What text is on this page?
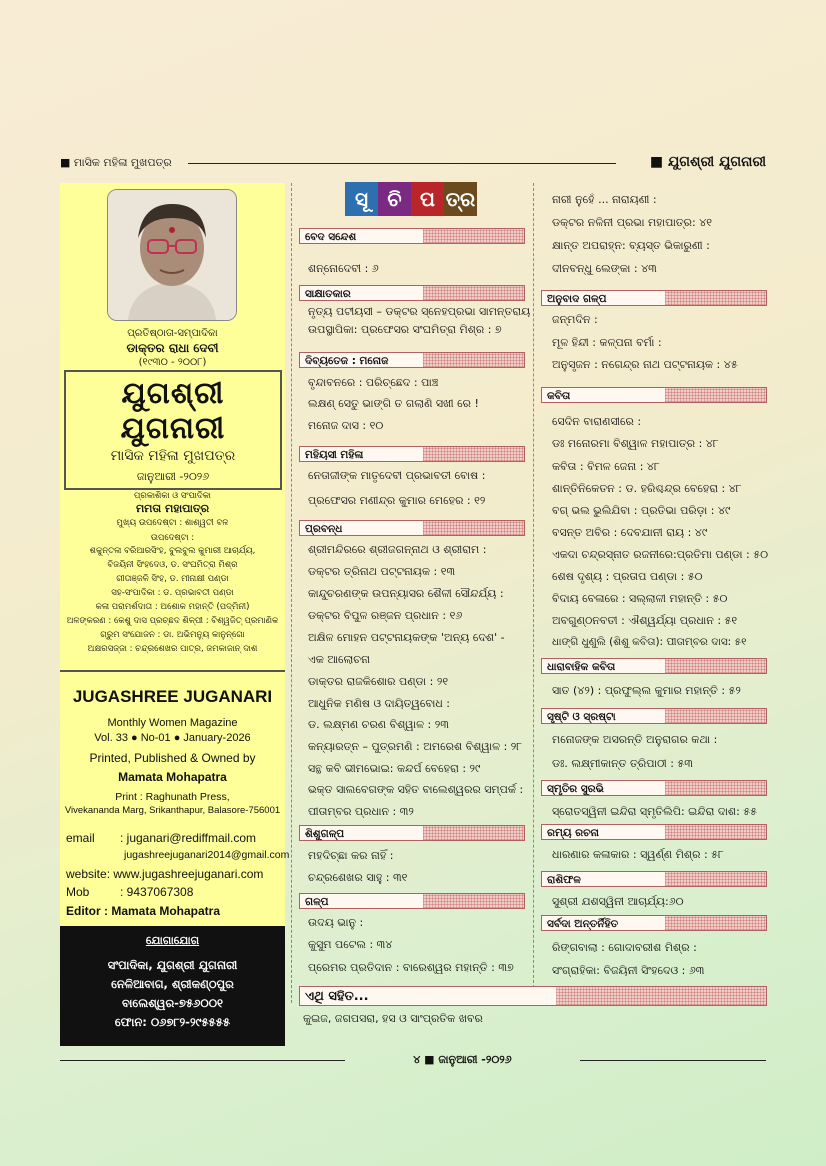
■ ମାସିକ ମହିଳା ମୁଖପତ୍ର	■ ଯୁଗଶ୍ରୀ ଯୁଗନାରୀ
ପ୍ରତିଷ୍ଠାତା-ସମ୍ପାଦିକା
ଡାକ୍ତର ରାଧା ଦେବୀ
(୧୯୩୦ - ୨୦୦୮)
ଯୁଗଶ୍ରୀ ଯୁଗନାରୀ
ମାସିକ ମହିଳା ମୁଖପତ୍ର
ଜାନୁଆରୀ -୨୦୨୬
ପ୍ରକାଶିକା ଓ ସଂପାଦିକା
ମମତା ମହାପାତ୍ର
ମୁଖ୍ୟ ଉପଦେଷ୍ଟା : ଶାଶ୍ୱତୀ ବଳ
ଉପଦେଷ୍ଟା :
ଶକୁନ୍ତଳା ବରିଆରସିଂହ, ବୁଲବୁଲ କୁମାରୀ ଆଚାର୍ଯ୍ୟ,
ବିଜୟିନୀ ସିଂହଦେଓ, ଡ. ସଂଘମିତ୍ରା ମିଶ୍ର
ଗୀତାଞ୍ଜଳି ସିଂହ, ଡ. ମୀନାକ୍ଷୀ ପଣ୍ଡା
ସହ-ସଂପାଦିକା : ଡ. ପ୍ରଭାବତୀ ପଣ୍ଡା
କଳା ପରାମର୍ଶଦାତା : ଅଶୋକ ମହାନ୍ତି (ପଦ୍ମିନୀ)
ଅଳଙ୍କରଣ : କେଶୁ ଦାସ ପ୍ରଚ୍ଛଦ ଶିଳ୍ପୀ : ବିଶ୍ୱଜିତ୍ ପ୍ରମାଣିକ
ଗ୍ରୁମ ସଂଯୋଜନ : ଡା. ଅଭିମନ୍ୟୁ କାନୁନ୍‌ଗୋ
ଅକ୍ଷରସଜ୍ଜା : ଚନ୍ଦ୍ରଶେଖର ପାତ୍ର, ଜମକାଜାନ୍ ଦାଶ
JUGASHREE JUGANARI
Monthly Women Magazine
Vol. 33 ● No-01 ● January-2026
Printed, Published & Owned by
Mamata Mohapatra
Print : Raghunath Press,
Vivekananda Marg, Srikanthapur, Balasore-756001
email : juganari@rediffmail.com
jugashreejuganari2014@gmail.com
website: www.jugashreejuganari.com
Mob	: 9437067308
Editor : Mamata Mohapatra
ଯୋଗାଯୋଗ
ସଂପାଦିକା, ଯୁଗଶ୍ରୀ ଯୁଗନାରୀ
ନେଳିଆବାଗ, ଶ୍ରୀକଣ୍ଠପୁର
ବାଲେଶ୍ୱର-୭୫୬୦୦୧
ଫୋନ: ୦୬୭୮୨-୨୯୫୫୫୫
ସୂ ଚି ପ ତ୍ର
ବେଦ ସନ୍ଦେଶ
ଶନ୍ନୋଦେବୀ : ୬
ସାକ୍ଷାତକାର
ନୃତ୍ୟ ପଟୀୟସୀ – ଡକ୍ଟର ସ୍ନେହପ୍ରଭା ସାମନ୍ତରାୟ
ଉପସ୍ଥାପିକା: ପ୍ରଫେସର ସଂଘମିତ୍ରା ମିଶ୍ର : ୭
ଦିବ୍ୟତେଜ : ମନୋଜ
ବୃନ୍ଦାବନରେ : ପରିଚ୍ଛେଦ : ପାଞ୍ଚ
ଲକ୍ଷଣ୍ ସେତୁ ଭାଙ୍ଗି ତ ଗଲାଣି ସଖୀ ରେ !
ମନୋଜ ଦାସ : ୧୦
ମହିୟସୀ ମହିଳା
ନେତାଜୀଙ୍କ ମାତୃଦେବୀ ପ୍ରଭାବତୀ ବୋଷ :
ପ୍ରଫେସର ମଣୀନ୍ଦ୍ର କୁମାର ମେହେର : ୧୨
ପ୍ରବନ୍ଧ
ଶ୍ରୀମନ୍ଦିରରେ ଶ୍ରୀଜଗନ୍ନାଥ ଓ ଶ୍ରୀରାମ :
ଡକ୍ଟର ତ୍ରିନାଥ ପଟ୍ଟନାୟକ : ୧୩
କାନ୍ଦୁଚରଣଙ୍କ ଉପନ୍ୟାସର ଶୈଳୀ ସୌନ୍ଦର୍ଯ୍ୟ :
ଡକ୍ଟର ବିପୁଳ ରଞ୍ଜନ ପ୍ରଧାନ : ୧୬
ଅକ୍ଷିଳ ମୋହନ ପଟ୍ଟନାୟକଙ୍କ 'ଅନ୍ୟ ଦେଶ' -
ଏକ ଆଲୋଚନା
ଡାକ୍ତର ରାଜକିଶୋର ପଣ୍ଡା : ୨୧
ଆଧୁନିକ ମଣିଷ ଓ ଦାୟିତ୍ୱବୋଧ :
ଡ. ଲକ୍ଷ୍ମଣ ଚରଣ ବିଶ୍ୱାଳ : ୨୩
କନ୍ୟାରତ୍ନ – ପୁତ୍ରମଣି : ଅମରେଶ ବିଶ୍ୱାଳ : ୨୮
ସନ୍ଥ କବି ଭୀମଭୋଇ: କନ୍ଦର୍ପ ବେହେରା : ୨୯
ଭକ୍ତ ସାଲବେଗଙ୍କ ସହିତ ବାଲେଶ୍ୱରର ସମ୍ପର୍କ :
ପୀତାମ୍ବର ପ୍ରଧାନ : ୩୨
ଶିଶୁଗଳ୍ପ
ମହଦିଚ୍ଛା କର ନାହିଁ :
ଚନ୍ଦ୍ରଶେଖର ସାହୁ : ୩୧
ଗଳ୍ପ
ଉଦୟ ଭାନୁ :
କୁସୁମ ପଟେଲ : ୩୪
ପ୍ରେମର ପ୍ରତିଦାନ : ବାରେଶ୍ୱର ମହାନ୍ତି : ୩୭
ଏଥି ସହିତ...
କୁଇଜ, ଜଗପସରା, ହସ ଓ ସାଂପ୍ରତିକ ଖବର
ନାରୀ ନୁହେଁ ... ନାରାୟଣୀ :
ଡକ୍ଟର ନଳିନୀ ପ୍ରଭା ମହାପାତ୍ର: ୪୧
କ୍ଷାନ୍ତ ଅପରାହ୍ନ: ବ୍ୟସ୍ତ ଭିକାରୁଣୀ :
ଦୀନବନ୍ଧୁ ଲେଙ୍କା : ୪୩
ଅନୁବାଦ ଗଳ୍ପ
ଜନ୍ମଦିନ :
ମୂଳ ହିନ୍ଦୀ : କଳ୍ପନା ବର୍ମା :
ଅନୁସୃଜନ : ନଗେନ୍ଦ୍ର ନାଥ ପଟ୍ଟନାୟକ : ୪୫
କବିତା
ସେଦିନ ବାରାଣସୀରେ :
ଡଃ ମନୋରମା ବିଶ୍ୱାଳ ମହାପାତ୍ର : ୪୮
କବିତା : ବିମଳ ଜେନା : ୪୮
ଶାନ୍ତିନିକେତନ : ଡ. ହରିଶ୍ଚନ୍ଦ୍ର ବେହେରା : ୪୮
ବଗ୍ ଭଲ ଭୁଲିଯିବା : ପ୍ରତିଭା ପରିଡ଼ା : ୪୯
ବସନ୍ତ ଅବିର : ଦେବଯାନୀ ରାୟ : ୪୯
ଏକଦା ଚନ୍ଦ୍ରସ୍ନାତ ରଜନୀରେ:ପ୍ରତିମା ପଣ୍ଡା : ୫୦
ଶେଷ ଦୃଶ୍ୟ : ପ୍ରତାପ ପଣ୍ଡା : ୫୦
ବିଦାୟ ବେଳାରେ : ସଲ୍ଲାଳୀ ମହାନ୍ତି : ୫୦
ଅବଗୁଣ୍ଠନବତୀ : ଐଶ୍ୱର୍ଯ୍ୟା ପ୍ରଧାନ : ୫୧
ଧାଙ୍ଗି ଧୁଣୁଲି (ଶିଶୁ କବିତା): ପୀତାମ୍ବର ଦାସ: ୫୧
ଧାରାବାହିକ କବିତା
ସାତ (୪୨) : ପ୍ରଫୁଲ୍ଲ କୁମାର ମହାନ୍ତି : ୫୨
ସୃଷ୍ଟି ଓ ସ୍ରଷ୍ଟା
ମନୋଜଙ୍କ ଅସରନ୍ତି ଅନୁରାଗର କଥା :
ଡଃ. ଲକ୍ଷ୍ମୀକାନ୍ତ ତ୍ରିପାଠୀ : ୫୩
ସ୍ମୃତିର ସୁରଭି
ସ୍ରୋତସ୍ୱିନୀ ଇନ୍ଦିରା ସ୍ମୃତିଲିପି: ଇନ୍ଦିରା ଦାଶ: ୫୫
ରମ୍ୟ ରଚନା
ଧାରଣାର କଳାକାର : ସ୍ୱର୍ଣ୍ଣ ମିଶ୍ର : ୫୮
ରାଶିଫଳ
ସୁଶ୍ରୀ ଯଶସ୍ୱିନୀ ଆଚାର୍ଯ୍ୟ:୬୦
ସର୍ବଦା ଅନ୍ତର୍ନିହିତ
ରିଙ୍ଗବାଲା : ଗୋଦାବରୀଶ ମିଶ୍ର :
ସଂଗ୍ରାହିକା: ବିଜୟିନୀ ସିଂହଦେଓ : ୬୩
୪ ■ ଜାନୁଆରୀ -୨୦୨୬
